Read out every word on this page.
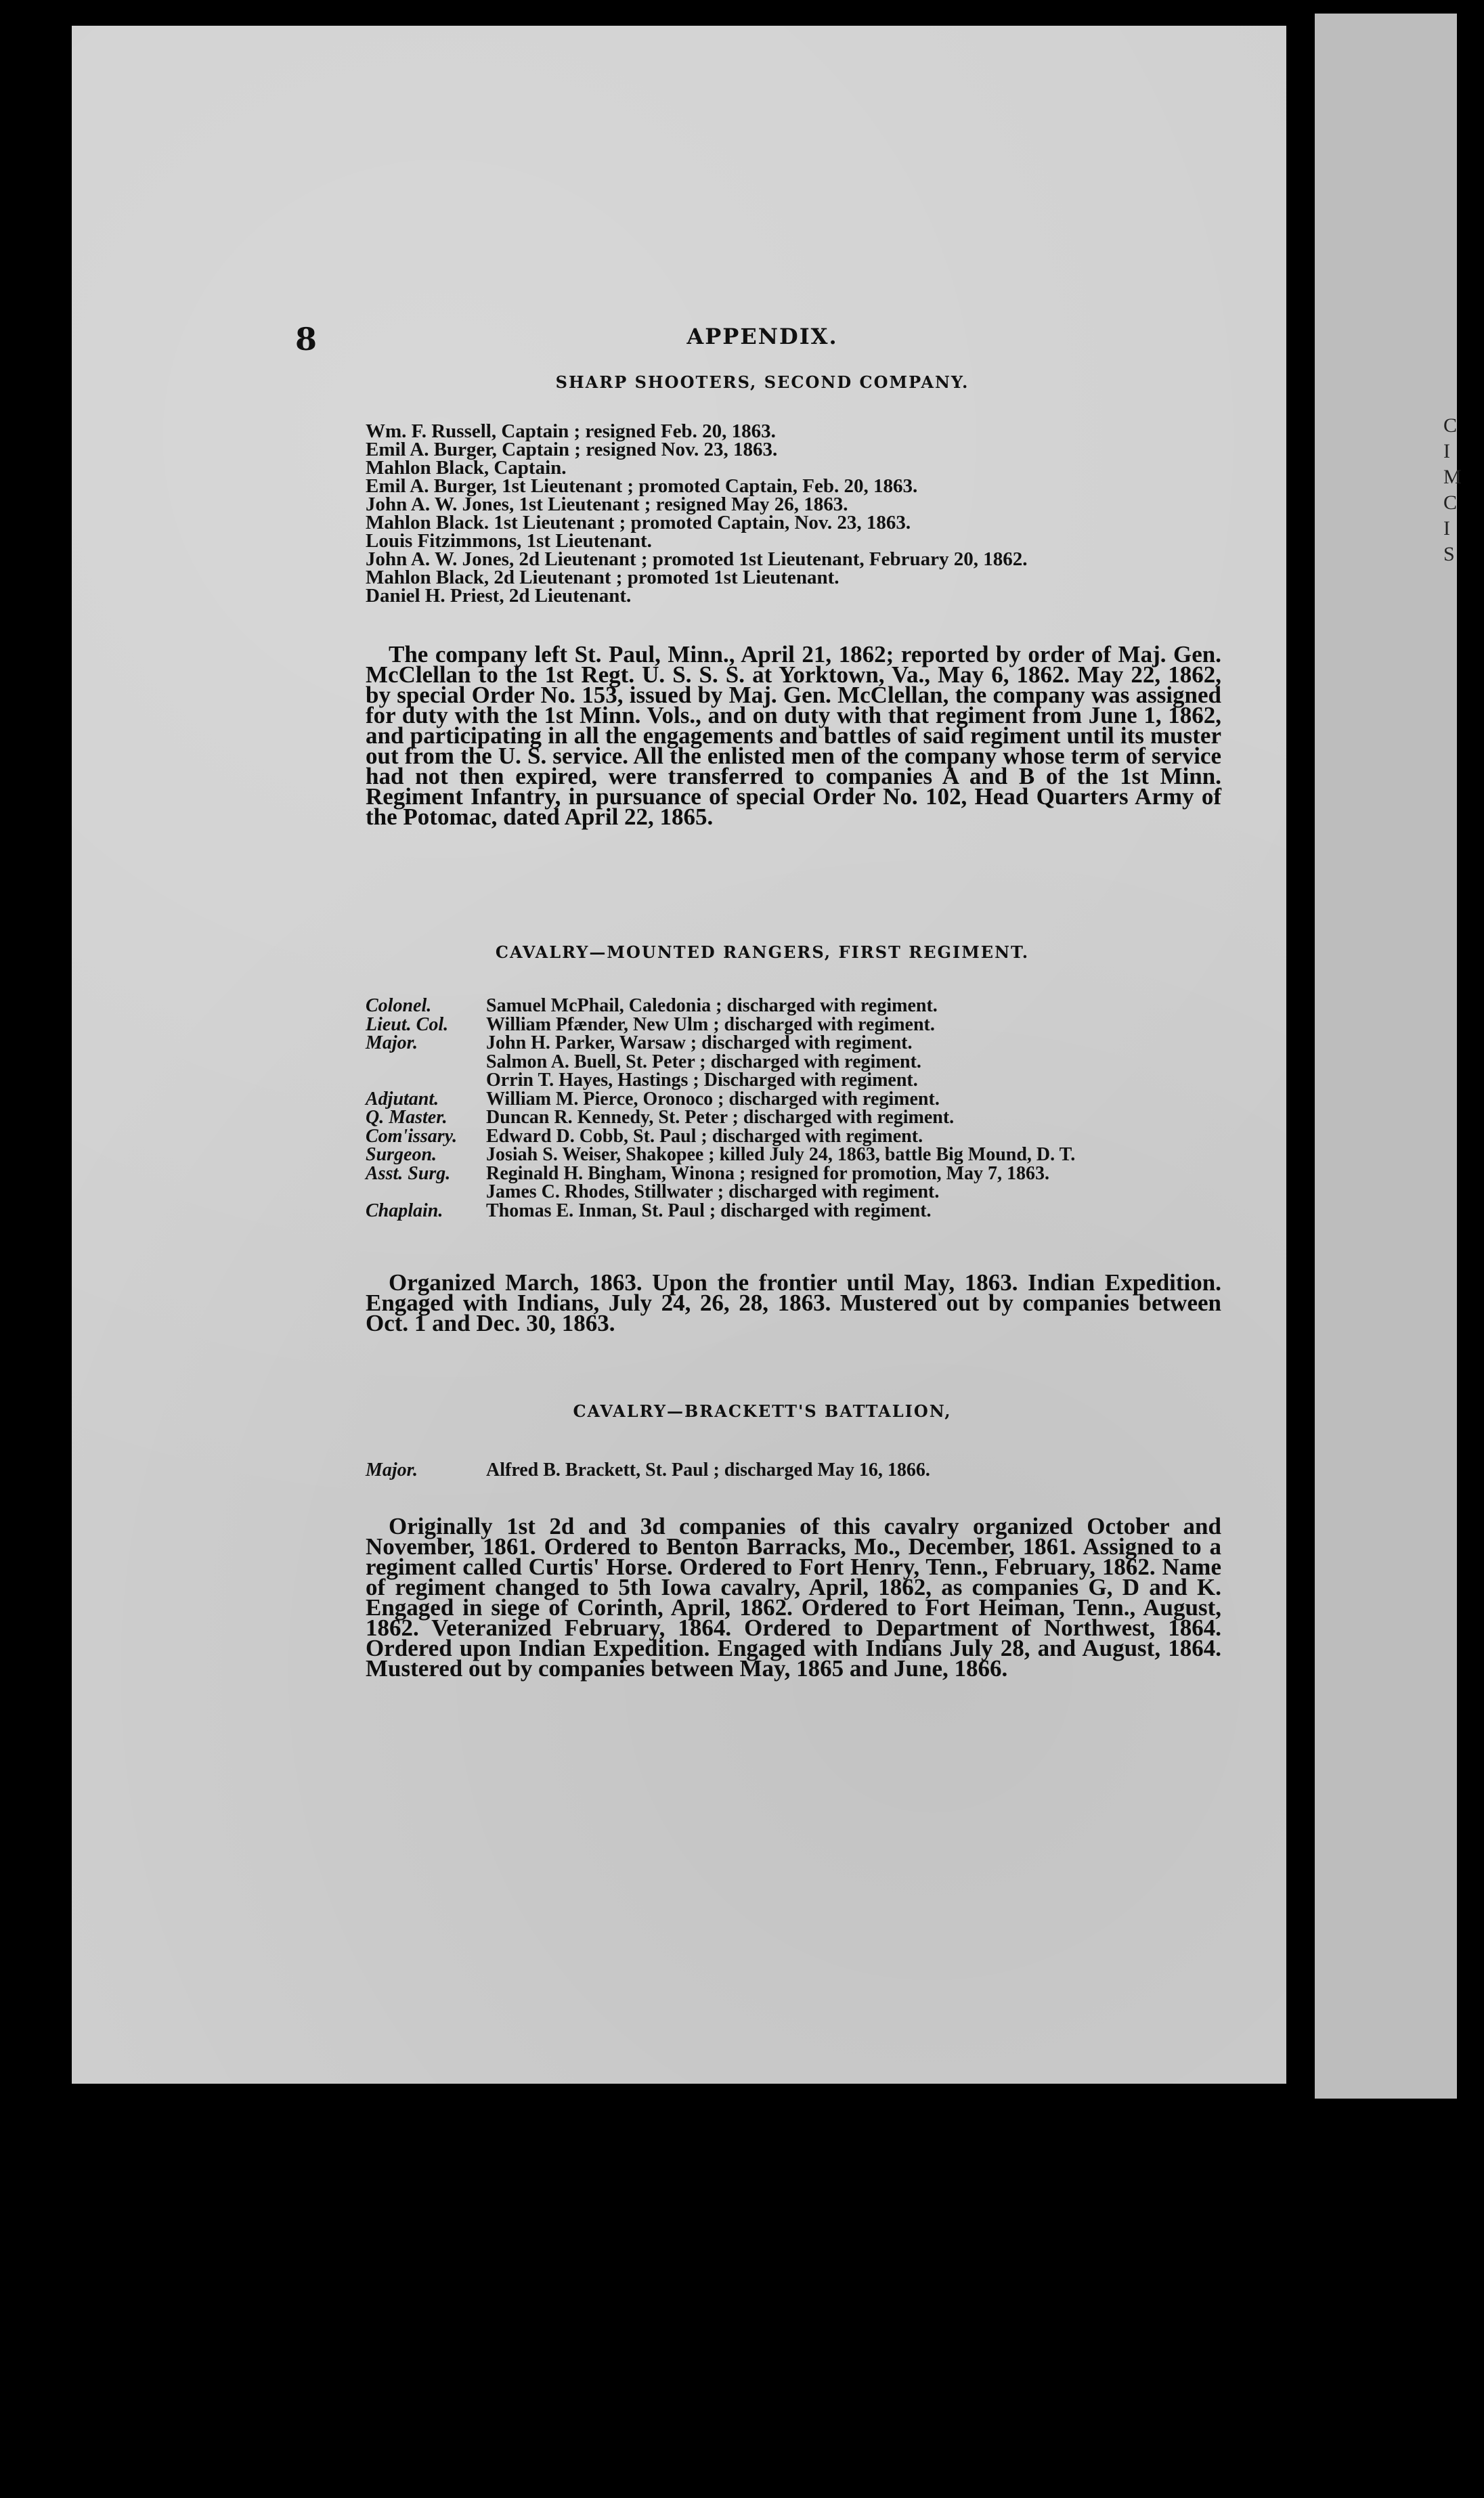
8	APPENDIX.
SHARP SHOOTERS, SECOND COMPANY.
Wm. F. Russell, Captain ; resigned Feb. 20, 1863.
Emil A. Burger, Captain ; resigned Nov. 23, 1863.
Mahlon Black, Captain.
Emil A. Burger, 1st Lieutenant ; promoted Captain, Feb. 20, 1863.
John A. W. Jones, 1st Lieutenant ; resigned May 26, 1863.
Mahlon Black. 1st Lieutenant ; promoted Captain, Nov. 23, 1863.
Louis Fitzimmons, 1st Lieutenant.
John A. W. Jones, 2d Lieutenant ; promoted 1st Lieutenant, February 20, 1862.
Mahlon Black, 2d Lieutenant ; promoted 1st Lieutenant.
Daniel H. Priest, 2d Lieutenant.

The company left St. Paul, Minn., April 21, 1862; reported by order of Maj. Gen. McClellan to the 1st Regt. U. S. S. S. at Yorktown, Va., May 6, 1862. May 22, 1862, by special Order No. 153, issued by Maj. Gen. McClellan, the company was assigned for duty with the 1st Minn. Vols., and on duty with that regiment from June 1, 1862, and participating in all the engagements and battles of said regiment until its muster out from the U. S. service. All the enlisted men of the company whose term of service had not then expired, were transferred to companies A and B of the 1st Minn. Regiment Infantry, in pursuance of special Order No. 102, Head Quarters Army of the Potomac, dated April 22, 1865.

CAVALRY—MOUNTED RANGERS, FIRST REGIMENT.
Colonel.	Samuel McPhail, Caledonia ; discharged with regiment.
Lieut. Col.	William Pfænder, New Ulm ; discharged with regiment.
Major.	John H. Parker, Warsaw ; discharged with regiment.
Salmon A. Buell, St. Peter ; discharged with regiment.
Orrin T. Hayes, Hastings ; Discharged with regiment.
Adjutant.	William M. Pierce, Oronoco ; discharged with regiment.
Q. Master.	Duncan R. Kennedy, St. Peter ; discharged with regiment.
Com'issary.	Edward D. Cobb, St. Paul ; discharged with regiment.
Surgeon.	Josiah S. Weiser, Shakopee ; killed July 24, 1863, battle Big Mound, D. T.
Asst. Surg.	Reginald H. Bingham, Winona ; resigned for promotion, May 7, 1863.
James C. Rhodes, Stillwater ; discharged with regiment.
Chaplain.	Thomas E. Inman, St. Paul ; discharged with regiment.

Organized March, 1863. Upon the frontier until May, 1863. Indian Expedition. Engaged with Indians, July 24, 26, 28, 1863. Mustered out by companies between Oct. 1 and Dec. 30, 1863.

CAVALRY—BRACKETT'S BATTALION,
Major.	Alfred B. Brackett, St. Paul ; discharged May 16, 1866.

Originally 1st 2d and 3d companies of this cavalry organized October and November, 1861. Ordered to Benton Barracks, Mo., December, 1861. Assigned to a regiment called Curtis' Horse. Ordered to Fort Henry, Tenn., February, 1862. Name of regiment changed to 5th Iowa cavalry, April, 1862, as companies G, D and K. Engaged in siege of Corinth, April, 1862. Ordered to Fort Heiman, Tenn., August, 1862. Veteranized February, 1864. Ordered to Department of Northwest, 1864. Ordered upon Indian Expedition. Engaged with Indians July 28, and August, 1864. Mustered out by companies between May, 1865 and June, 1866.

C
I
M
C
I
S
